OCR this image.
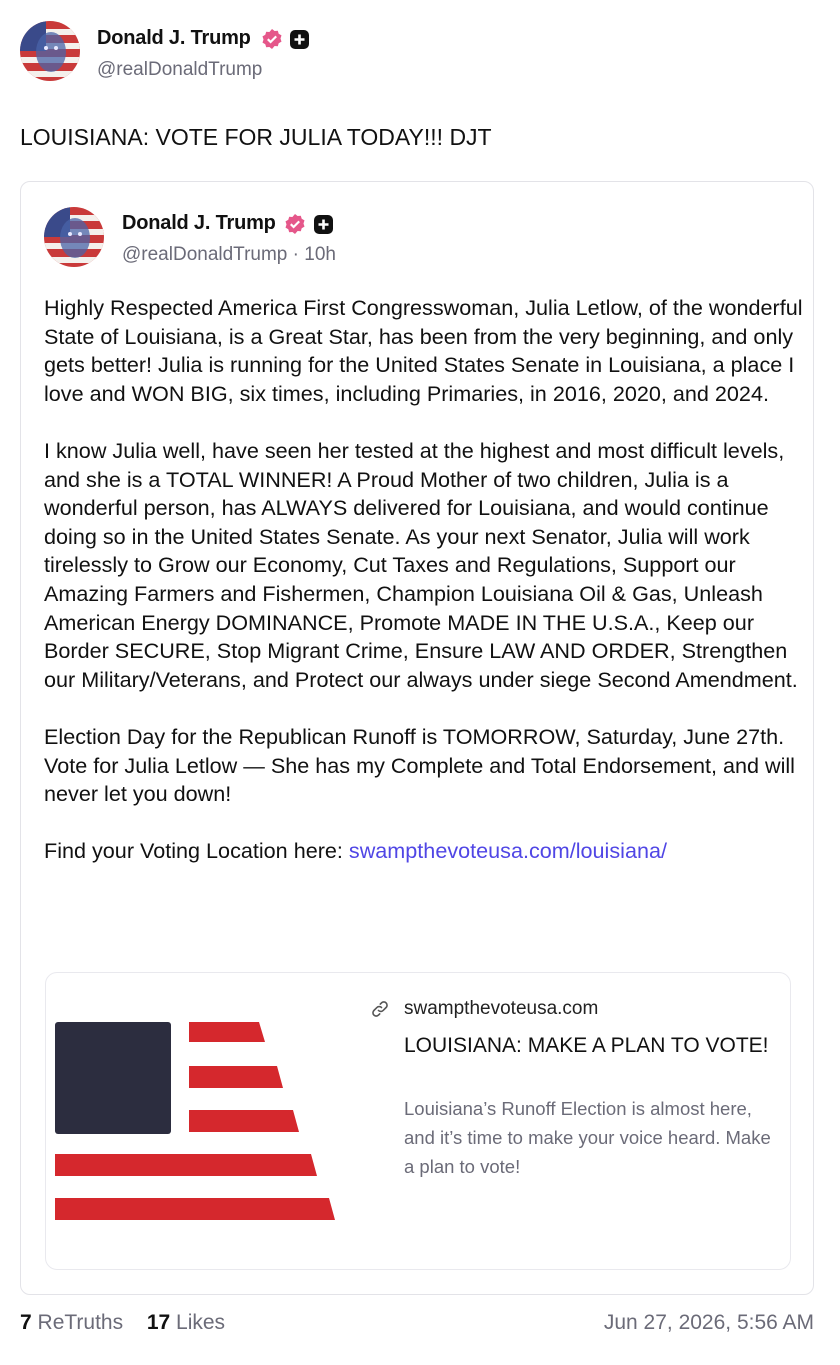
Donald J. Trump
@realDonaldTrump
LOUISIANA: VOTE FOR JULIA TODAY!!! DJT
Donald J. Trump
@realDonaldTrump · 10h

Highly Respected America First Congresswoman, Julia Letlow, of the wonderful State of Louisiana, is a Great Star, has been from the very beginning, and only gets better! Julia is running for the United States Senate in Louisiana, a place I love and WON BIG, six times, including Primaries, in 2016, 2020, and 2024.

I know Julia well, have seen her tested at the highest and most difficult levels, and she is a TOTAL WINNER! A Proud Mother of two children, Julia is a wonderful person, has ALWAYS delivered for Louisiana, and would continue doing so in the United States Senate. As your next Senator, Julia will work tirelessly to Grow our Economy, Cut Taxes and Regulations, Support our Amazing Farmers and Fishermen, Champion Louisiana Oil & Gas, Unleash American Energy DOMINANCE, Promote MADE IN THE U.S.A., Keep our Border SECURE, Stop Migrant Crime, Ensure LAW AND ORDER, Strengthen our Military/Veterans, and Protect our always under siege Second Amendment.

Election Day for the Republican Runoff is TOMORROW, Saturday, June 27th. Vote for Julia Letlow — She has my Complete and Total Endorsement, and will never let you down!

Find your Voting Location here: swampthevoteusa.com/louisiana/

swampthevoteusa.com
LOUISIANA: MAKE A PLAN TO VOTE!
Louisiana’s Runoff Election is almost here, and it’s time to make your voice heard. Make a plan to vote!
7 ReTruths 17 Likes	Jun 27, 2026, 5:56 AM
